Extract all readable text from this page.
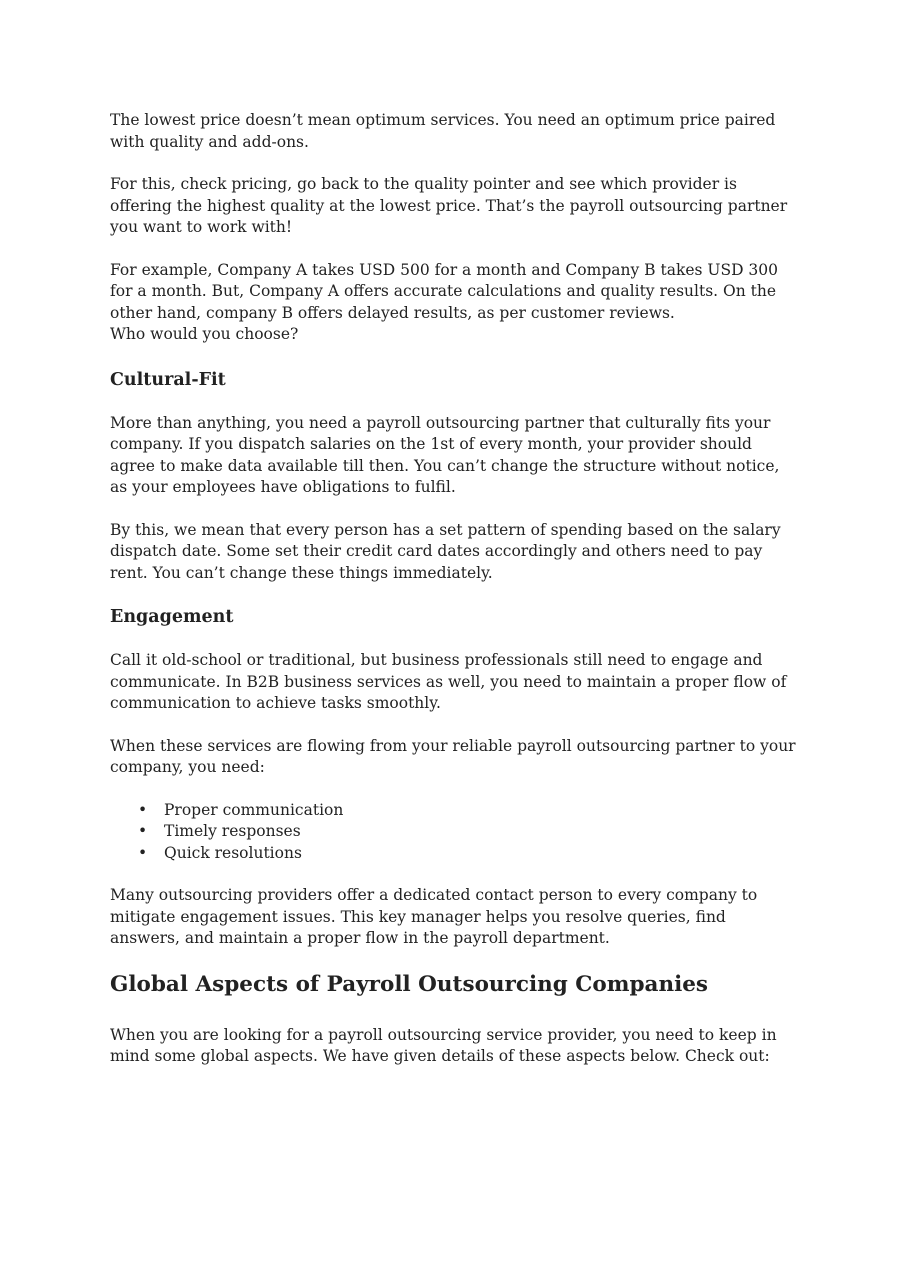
The lowest price doesn’t mean optimum services. You need an optimum price paired with quality and add-ons.

For this, check pricing, go back to the quality pointer and see which provider is offering the highest quality at the lowest price. That’s the payroll outsourcing partner you want to work with!

For example, Company A takes USD 500 for a month and Company B takes USD 300 for a month. But, Company A offers accurate calculations and quality results. On the other hand, company B offers delayed results, as per customer reviews.

Who would you choose?

Cultural-Fit

More than anything, you need a payroll outsourcing partner that culturally fits your company. If you dispatch salaries on the 1st of every month, your provider should agree to make data available till then. You can’t change the structure without notice, as your employees have obligations to fulfil.

By this, we mean that every person has a set pattern of spending based on the salary dispatch date. Some set their credit card dates accordingly and others need to pay rent. You can’t change these things immediately.

Engagement

Call it old-school or traditional, but business professionals still need to engage and communicate. In B2B business services as well, you need to maintain a proper flow of communication to achieve tasks smoothly.

When these services are flowing from your reliable payroll outsourcing partner to your company, you need:

• Proper communication
• Timely responses
• Quick resolutions

Many outsourcing providers offer a dedicated contact person to every company to mitigate engagement issues. This key manager helps you resolve queries, find answers, and maintain a proper flow in the payroll department.

Global Aspects of Payroll Outsourcing Companies

When you are looking for a payroll outsourcing service provider, you need to keep in mind some global aspects. We have given details of these aspects below. Check out:
